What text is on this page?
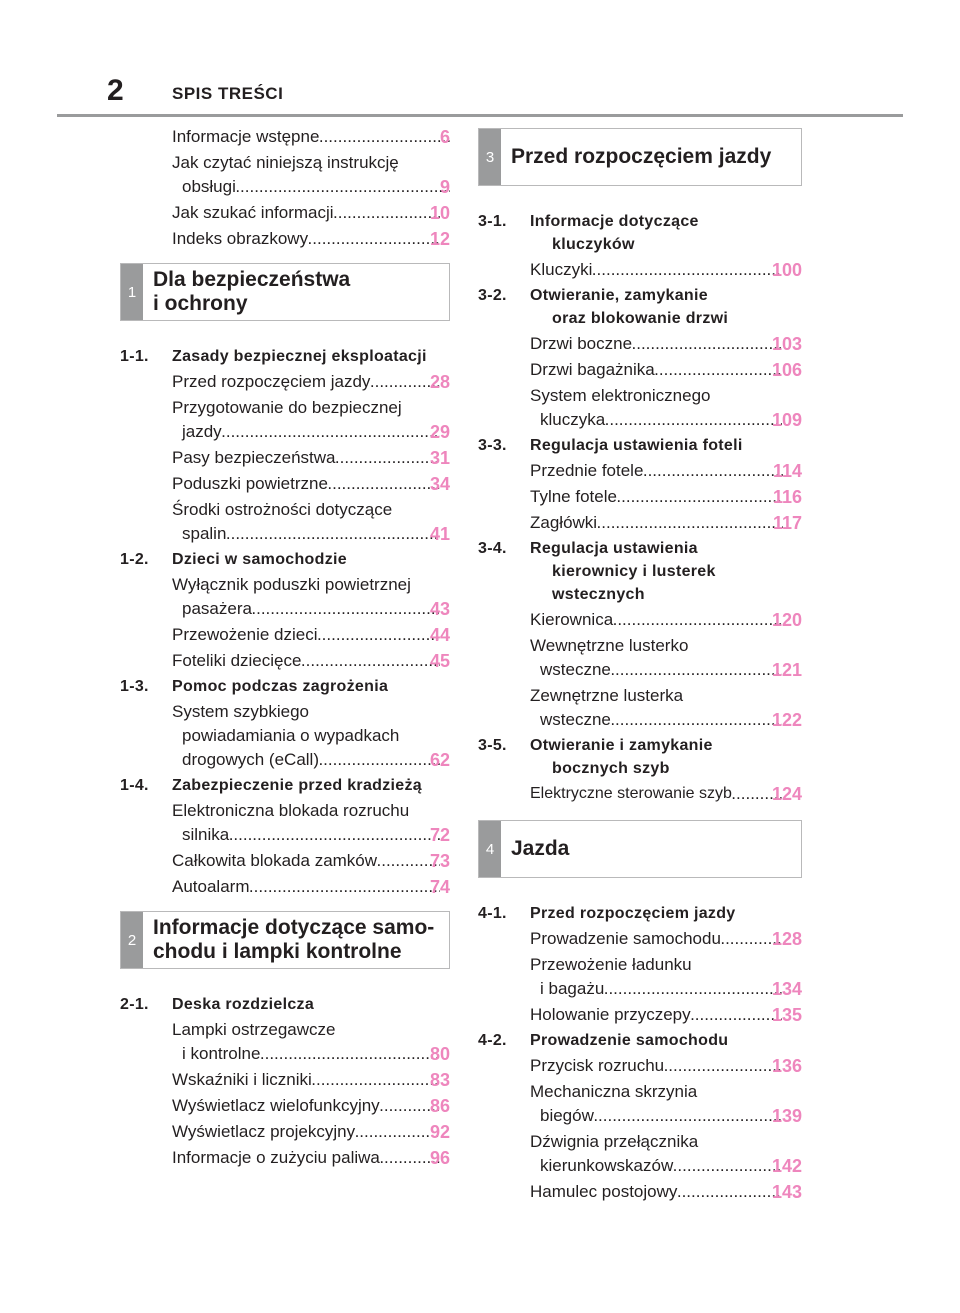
2	SPIS TREŚCI
Informacje wstępne .....	6
Jak czytać niniejszą instrukcję
obsługi .....	9
Jak szukać informacji .....	10
Indeks obrazkowy .....	12
1
Dla bezpieczeństwa
i ochrony
1-1. Zasady bezpiecznej eksploatacji
Przed rozpoczęciem jazdy .....	28
Przygotowanie do bezpiecznej
jazdy .....	29
Pasy bezpieczeństwa .....	31
Poduszki powietrzne .....	34
Środki ostrożności dotyczące
spalin .....	41
1-2. Dzieci w samochodzie
Wyłącznik poduszki powietrznej
pasażera .....	43
Przewożenie dzieci .....	44
Foteliki dziecięce .....	45
1-3. Pomoc podczas zagrożenia
System szybkiego
powiadamiania o wypadkach
drogowych (eCall) .....	62
1-4. Zabezpieczenie przed kradzieżą
Elektroniczna blokada rozruchu
silnika .....	72
Całkowita blokada zamków .....	73
Autoalarm .....	74
2
Informacje dotyczące samo-
chodu i lampki kontrolne
2-1. Deska rozdzielcza
Lampki ostrzegawcze
i kontrolne .....	80
Wskaźniki i liczniki .....	83
Wyświetlacz wielofunkcyjny .....	86
Wyświetlacz projekcyjny .....	92
Informacje o zużyciu paliwa .....	96
3 Przed rozpoczęciem jazdy
3-1. Informacje dotyczące
kluczyków
Kluczyki .....	100
3-2. Otwieranie, zamykanie
oraz blokowanie drzwi
Drzwi boczne .....	103
Drzwi bagażnika .....	106
System elektronicznego
kluczyka .....	109
3-3. Regulacja ustawienia foteli
Przednie fotele .....	114
Tylne fotele .....	116
Zagłówki .....	117
3-4. Regulacja ustawienia
kierownicy i lusterek
wstecznych
Kierownica .....	120
Wewnętrzne lusterko
wsteczne .....	121
Zewnętrzne lusterka
wsteczne .....	122
3-5. Otwieranie i zamykanie
bocznych szyb
Elektryczne sterowanie szyb ..... 124
4 Jazda
4-1. Przed rozpoczęciem jazdy
Prowadzenie samochodu .....	128
Przewożenie ładunku
i bagażu .....	134
Holowanie przyczepy .....	135
4-2. Prowadzenie samochodu
Przycisk rozruchu .....	136
Mechaniczna skrzynia
biegów .....	139
Dźwignia przełącznika
kierunkowskazów .....	142
Hamulec postojowy .....	143
